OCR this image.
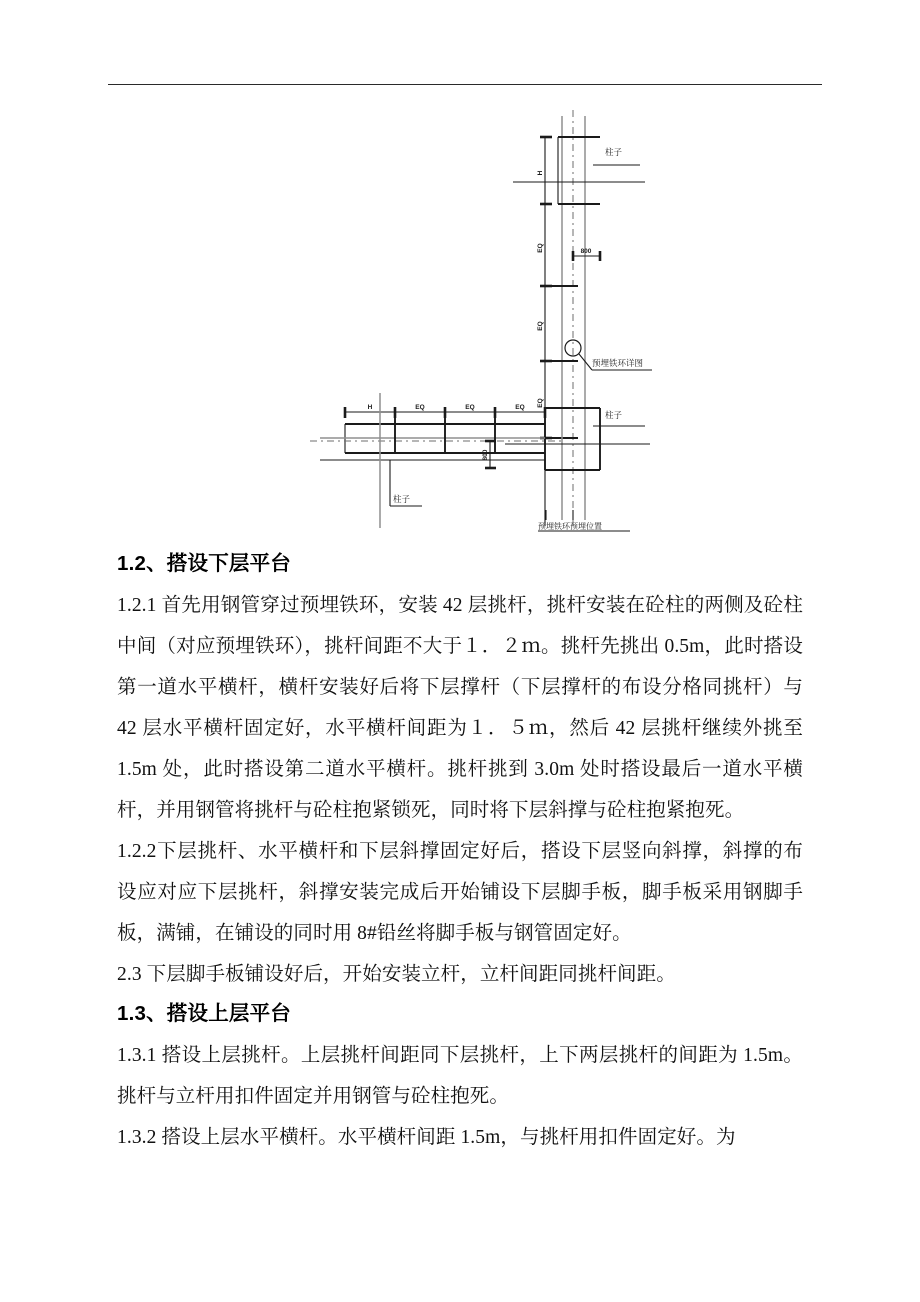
柱子
H
EQ
EQ
EQ
800
预埋铁环详图
柱子
H	EQ	EQ	EQ
800
柱子
预埋铁环预埋位置
1.2、搭设下层平台

1.2.1 首先用钢管穿过预埋铁环，安装 42 层挑杆，挑杆安装在砼柱的两侧及砼柱中间（对应预埋铁环），挑杆间距不大于１．２ｍ。挑杆先挑出 0.5m，此时搭设第一道水平横杆，横杆安装好后将下层撑杆（下层撑杆的布设分格同挑杆）与 42 层水平横杆固定好，水平横杆间距为１．５ｍ，然后 42 层挑杆继续外挑至 1.5m 处，此时搭设第二道水平横杆。挑杆挑到 3.0m 处时搭设最后一道水平横杆，并用钢管将挑杆与砼柱抱紧锁死，同时将下层斜撑与砼柱抱紧抱死。

1.2.2下层挑杆、水平横杆和下层斜撑固定好后，搭设下层竖向斜撑，斜撑的布设应对应下层挑杆，斜撑安装完成后开始铺设下层脚手板，脚手板采用钢脚手板，满铺，在铺设的同时用 8#铅丝将脚手板与钢管固定好。

2.3 下层脚手板铺设好后，开始安装立杆，立杆间距同挑杆间距。

1.3、搭设上层平台

1.3.1 搭设上层挑杆。上层挑杆间距同下层挑杆，上下两层挑杆的间距为 1.5m。挑杆与立杆用扣件固定并用钢管与砼柱抱死。

1.3.2 搭设上层水平横杆。水平横杆间距 1.5m，与挑杆用扣件固定好。为
